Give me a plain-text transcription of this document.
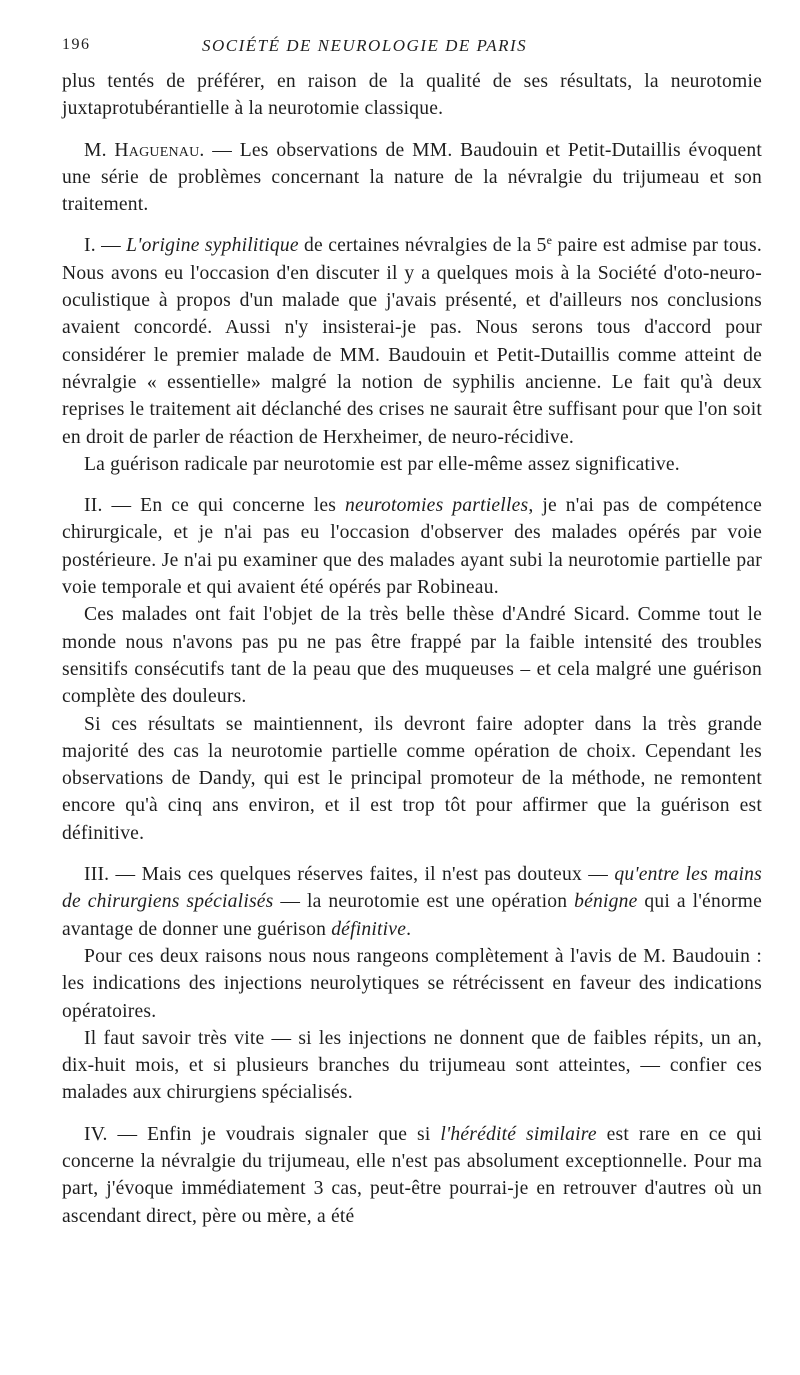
196	SOCIÉTÉ DE NEUROLOGIE DE PARIS

plus tentés de préférer, en raison de la qualité de ses résultats, la neurotomie juxtaprotubérantielle à la neurotomie classique.

M. Haguenau. — Les observations de MM. Baudouin et Petit-Dutaillis évoquent une série de problèmes concernant la nature de la névralgie du trijumeau et son traitement.

I. — L'origine syphilitique de certaines névralgies de la 5e paire est admise par tous. Nous avons eu l'occasion d'en discuter il y a quelques mois à la Société d'oto-neuro-oculistique à propos d'un malade que j'avais présenté, et d'ailleurs nos conclusions avaient concordé. Aussi n'y insisterai-je pas. Nous serons tous d'accord pour considérer le premier malade de MM. Baudouin et Petit-Dutaillis comme atteint de névralgie « essentielle» malgré la notion de syphilis ancienne. Le fait qu'à deux reprises le traitement ait déclanché des crises ne saurait être suffisant pour que l'on soit en droit de parler de réaction de Herxheimer, de neuro-récidive.

La guérison radicale par neurotomie est par elle-même assez significative.

II. — En ce qui concerne les neurotomies partielles, je n'ai pas de compétence chirurgicale, et je n'ai pas eu l'occasion d'observer des malades opérés par voie postérieure. Je n'ai pu examiner que des malades ayant subi la neurotomie partielle par voie temporale et qui avaient été opérés par Robineau.

Ces malades ont fait l'objet de la très belle thèse d'André Sicard. Comme tout le monde nous n'avons pas pu ne pas être frappé par la faible intensité des troubles sensitifs consécutifs tant de la peau que des muqueuses – et cela malgré une guérison complète des douleurs.

Si ces résultats se maintiennent, ils devront faire adopter dans la très grande majorité des cas la neurotomie partielle comme opération de choix. Cependant les observations de Dandy, qui est le principal promoteur de la méthode, ne remontent encore qu'à cinq ans environ, et il est trop tôt pour affirmer que la guérison est définitive.

III. — Mais ces quelques réserves faites, il n'est pas douteux — qu'entre les mains de chirurgiens spécialisés — la neurotomie est une opération bénigne qui a l'énorme avantage de donner une guérison définitive.

Pour ces deux raisons nous nous rangeons complètement à l'avis de M. Baudouin : les indications des injections neurolytiques se rétrécissent en faveur des indications opératoires.

Il faut savoir très vite — si les injections ne donnent que de faibles répits, un an, dix-huit mois, et si plusieurs branches du trijumeau sont atteintes, — confier ces malades aux chirurgiens spécialisés.

IV. — Enfin je voudrais signaler que si l'hérédité similaire est rare en ce qui concerne la névralgie du trijumeau, elle n'est pas absolument exceptionnelle. Pour ma part, j'évoque immédiatement 3 cas, peut-être pourrai-je en retrouver d'autres où un ascendant direct, père ou mère, a été
